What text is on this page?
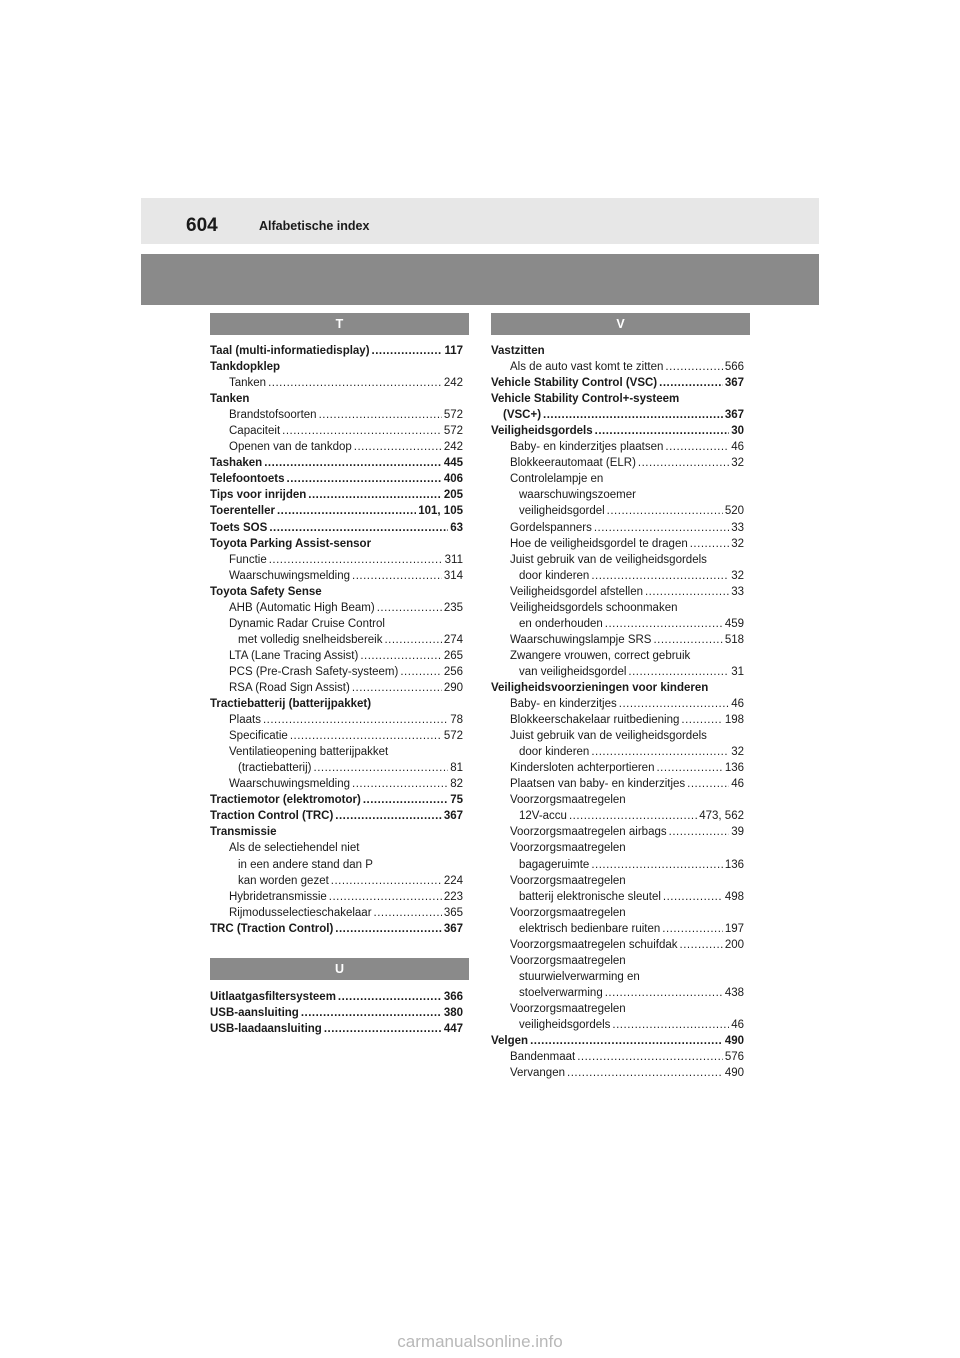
604	Alfabetische index
T
Taal (multi-informatiedisplay) .....	117
Tankdopklep
Tanken .....	242
Tanken
Brandstofsoorten .....	572
Capaciteit .....	572
Openen van de tankdop .....	242
Tashaken .....	445
Telefoontoets .....	406
Tips voor inrijden .....	205
Toerenteller .....	101, 105
Toets SOS .....	63
Toyota Parking Assist-sensor
Functie .....	311
Waarschuwingsmelding .....	314
Toyota Safety Sense
AHB (Automatic High Beam) .....	235
Dynamic Radar Cruise Control
met volledig snelheidsbereik .....	274
LTA (Lane Tracing Assist) .....	265
PCS (Pre-Crash Safety-systeem) .....	256
RSA (Road Sign Assist) .....	290
Tractiebatterij (batterijpakket)
Plaats .....	78
Specificatie .....	572
Ventilatieopening batterijpakket
(tractiebatterij) .....	81
Waarschuwingsmelding .....	82
Tractiemotor (elektromotor) .....	75
Traction Control (TRC) .....	367
Transmissie
Als de selectiehendel niet
in een andere stand dan P
kan worden gezet .....	224
Hybridetransmissie .....	223
Rijmodusselectieschakelaar .....	365
TRC (Traction Control) .....	367
U
Uitlaatgasfiltersysteem .....	366
USB-aansluiting .....	380
USB-laadaansluiting .....	447
V
Vastzitten
Als de auto vast komt te zitten .....	566
Vehicle Stability Control (VSC) .....	367
Vehicle Stability Control+-systeem
(VSC+) .....	367
Veiligheidsgordels .....	30
Baby- en kinderzitjes plaatsen .....	46
Blokkeerautomaat (ELR) .....	32
Controlelampje en
waarschuwingszoemer
veiligheidsgordel .....	520
Gordelspanners .....	33
Hoe de veiligheidsgordel te dragen .....	32
Juist gebruik van de veiligheidsgordels
door kinderen .....	32
Veiligheidsgordel afstellen .....	33
Veiligheidsgordels schoonmaken
en onderhouden .....	459
Waarschuwingslampje SRS .....	518
Zwangere vrouwen, correct gebruik
van veiligheidsgordel .....	31
Veiligheidsvoorzieningen voor kinderen
Baby- en kinderzitjes .....	46
Blokkeerschakelaar ruitbediening .....	198
Juist gebruik van de veiligheidsgordels
door kinderen .....	32
Kindersloten achterportieren .....	136
Plaatsen van baby- en kinderzitjes .....	46
Voorzorgsmaatregelen
12V-accu .....	473, 562
Voorzorgsmaatregelen airbags .....	39
Voorzorgsmaatregelen
bagageruimte .....	136
Voorzorgsmaatregelen
batterij elektronische sleutel .....	498
Voorzorgsmaatregelen
elektrisch bedienbare ruiten .....	197
Voorzorgsmaatregelen schuifdak .....	200
Voorzorgsmaatregelen
stuurwielverwarming en
stoelverwarming .....	438
Voorzorgsmaatregelen
veiligheidsgordels .....	46
Velgen .....	490
Bandenmaat .....	576
Vervangen .....	490
carmanualsonline.info
